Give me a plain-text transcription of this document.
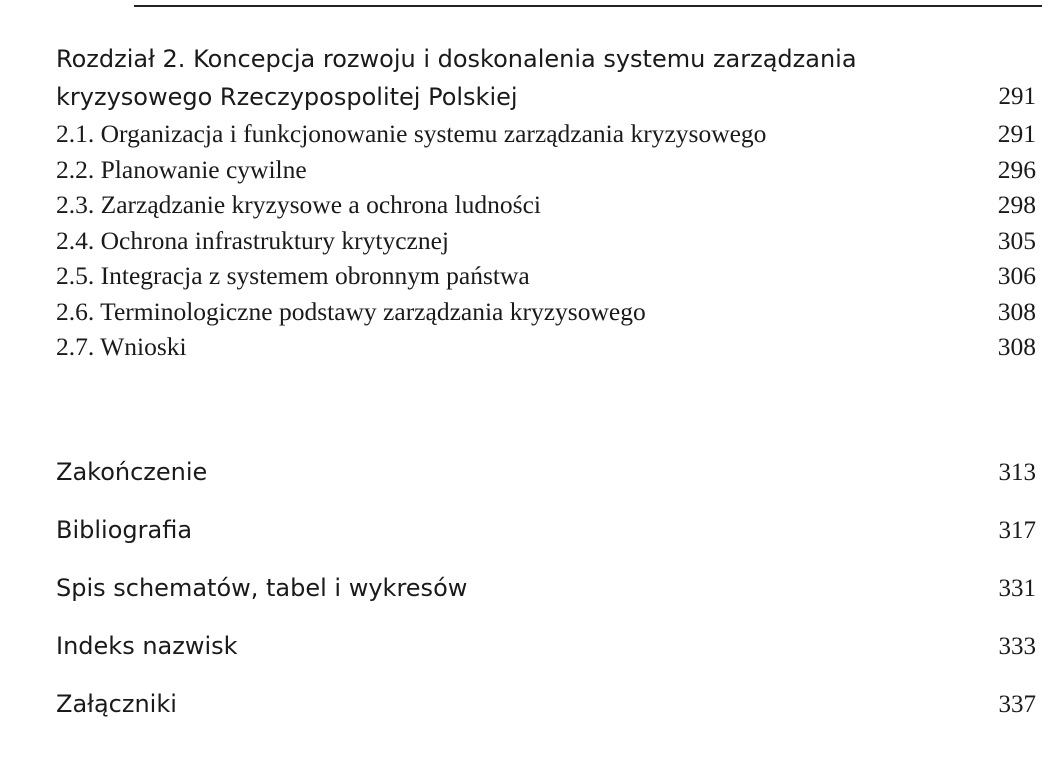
Rozdział 2. Koncepcja rozwoju i doskonalenia systemu zarządzania
kryzysowego Rzeczypospolitej Polskiej	291
2.1. Organizacja i funkcjonowanie systemu zarządzania kryzysowego	291
2.2. Planowanie cywilne	296
2.3. Zarządzanie kryzysowe a ochrona ludności	298
2.4. Ochrona infrastruktury krytycznej	305
2.5. Integracja z systemem obronnym państwa	306
2.6. Terminologiczne podstawy zarządzania kryzysowego	308
2.7. Wnioski	308
Zakończenie	313
Bibliografia	317
Spis schematów, tabel i wykresów	331
Indeks nazwisk	333
Załączniki	337
